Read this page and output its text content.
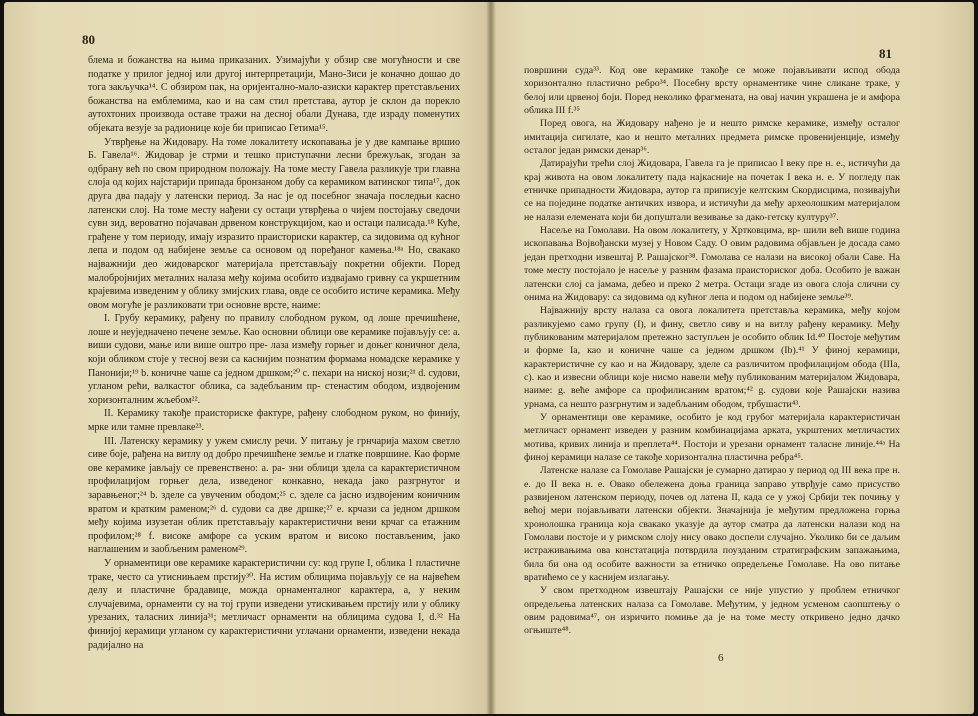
80

блема и божанства на њима приказаних. Узимајући у обзир све могућности и све податке у прилог једној или другој интерпретацији, Мано-Зиси је коначно дошао до тога закључка¹⁴. С обзиром пак, на оријентално-мало-азиски карактер претстављених божанства на емблемима, као и на сам стил претстава, аутор је склон да порекло аутохтоних производа оставе тражи на десној обали Дунава, где израду поменутих објеката везује за радионице које би приписао Гетима¹⁵.

Утврђење на Жидовару. На томе локалитету ископавања је у две кампање вршио Б. Гавела¹⁶. Жидовар је стрми и тешко приступачни лесни брежуљак, згодан за одбрану већ по свом природном положају. На томе месту Гавела разликује три главна слоја од којих најстарији припада бронзаном добу са керамиком ватинског типа¹⁷, док друга два падају у латенски период. За нас је од посебног значаја последњи касно латенски слој. На томе месту нађени су остаци утврђења о чијем постојању сведочи сувн зид, вероватно појачаван дрвеном конструкцијом, као и остаци палисада.¹⁸ Куће, грађене у том периоду, имају изразито праисториски карактер, са зидовима од кућног лепа и подом од набијене земље са основом од поређаног камења.¹⁸ᵃ Но, свакако најважнији део жидоварског материјала претстављају покретни објекти. Поред малобројнијих металних налаза међу којима особито издвајамо гривну са укршетним крајевима изведеним у облику змијских глава, овде се особито истиче керамика. Међу овом могуће је разликовати три основне врсте, наиме:

I. Грубу керамику, рађену по правилу слободном руком, од лоше пречишћене, лоше и неуједначено печене земље. Као основни облици ове керамике појављују се: а. виши судови, мање или више оштро пре- лаза између горњег и доњег коничног дела, који обликом стоје у тесној вези са каснијим познатим формама номадске керамике у Панонији;¹⁹ b. коничне чаше са једном дршком;²⁰ c. пехари на ниској нози;²¹ d. судови, угланом рећи, валкастог облика, са задебљаним пр- стенастим ободом, издвојеним хоризонталним жљебом²².

II. Керамику такође праисториске фактуре, рађену слободном руком, но финију, мрке или тамне превлаке²³.

III. Латенску керамику у ужем смислу речи. У питању је грнчарија махом светло сиве боје, рађена на витлу од добро пречишћене земље и глатке површине. Као форме ове керамике јављају се превенствено: а. ра- зни облици здела са карактеристичном профилацијом горњег дела, изведеног конкавно, некада јако разгрнутог и заравњеног;²⁴ b. зделе са увученим ободом;²⁵ c. зделе са јасно издвојеним коничним вратом и кратким раменом;²⁶ d. судови са две дршке;²⁷ e. крчази са једном дршком међу којима изузетан облик претстављају карактеристични вени крчаг са етажним профилом;²⁸ f. високе амфоре са уским вратом и високо постављеним, јако наглашеним и заобљеним раменом²⁹.

У орнаментици ове керамике карактеристични су: код групе I, облика 1 пластичне траке, често са утиснињаем прстију³⁰. На истим облицима појављују се на највећем делу и пластичне брадавице, можда орнаменталног карактера, а, у неким случајевима, орнаменти су на тој групи изведени утискивањем прстију или у облику урезаних, таласних линија³¹; метличаст орнаменти на облицима судова I, d.³² На финијој керамици угланом су карактеристични углачани орнаменти, изведени некада радијално на

81

површини суда³³. Код ове керамике такође се може појављивати испод обода хоризонтално пластично ребро³⁴. Посебну врсту орнаментике чине сликане траке, у белој или црвеној боји. Поред неколико фрагмената, на овај начин украшена је и амфора облика III f.³⁵

Поред овога, на Жидовару нађено је и нешто римске керамике, између осталог имитација сигилате, као и нешто металних предмета римске провенијенције, између осталог један римски денар³⁶.

Датирајући трећи слој Жидовара, Гавела га је приписао I веку пре н. е., истичући да крај живота на овом локалитету пада најкасније на почетак I века н. е. У погледу пак етничке припадности Жидовара, аутор га приписује келтским Скордисцима, позивајући се на поједине податке античких извора, и истичући да међу археолошким материјалом не налази елемената који би допуштали везивање за дако-гетску културу³⁷.

Насеље на Гомолави. На овом локалитету, у Хртковцима, вр- шили већ више година ископавања Војвођански музеј у Новом Саду. О овим радовима објављен је досада само један претходни извештај Р. Рашајског³⁸. Гомолава се налази на високој обали Саве. На томе месту постојало је насеље у разним фазама праисториског доба. Особито је важан латенски слој са јамама, дебео и преко 2 метра. Остаци згаде из овога слоја слични су онима на Жидовару: са зидовима од кућног лепа и подом од набијене земље³⁹.

Најважнију врсту налаза са овога локалитета претставља керамика, међу којом разликујемо само групу (I), и фину, светло сиву и на витлу рађену керамику. Међу публикованим материјалом претежно заступљен је особито облик Id.⁴⁰ Постоје међутим и форме Ia, као и коничне чаше са једном дршком (Ib).⁴¹ У финој керамици, карактеристичне су као и на Жидовару, зделе са различитом профилацијом обода (IIIa, c). као и извесни облици које нисмо навели међу публикованим материјалом Жидовара, наиме: g. веће амфоре са профилисаним вратом;⁴² g. судови које Рашајски назива урнама, са нешто разгрнутим и задебљаним ободом, трбушасти⁴³.

У орнаментици ове керамике, особито је код грубог материјала карактеристичан метличаст орнамент изведен у разним комбинацијама арката, укрштених метличастих мотива, кривих линија и преплета⁴⁴. Постоји и урезани орнамент таласне линије.⁴⁴ᵃ На финој керамици налазе се такође хоризонтална пластична ребра⁴⁵.

Латенске налазе са Гомолаве Рашајски је сумарно датирао у период од III века пре н. е. до II века н. е. Овако обележена доња граница заправо утврђује само присуство развијеном латенском периоду, почев од латена II, када се у ужој Србији тек почињу у већој мери појављивати латенски објекти. Значајнија је међутим предложена горња хронолошка граница која свакако указује да аутор сматра да латенски налази код на Гомолави постоје и у римском слоју нису овако доспели случајно. Уколико би се даљим истраживањима ова констатација потврдила поузданим стратиграфским запажањима, била би она од особите важности за етничко опредељење Гомолаве. На ово питање вратићемо се у каснијем излагању.

У свом претходном извештају Рашајски се није упустио у проблем етничког опредељења латенских налаза са Гомолаве. Међутим, у једном усменом саопштењу о овим радовима⁴⁷, он изричито помиње да је на томе месту откривено једно дачко огњиште⁴⁸.

6
